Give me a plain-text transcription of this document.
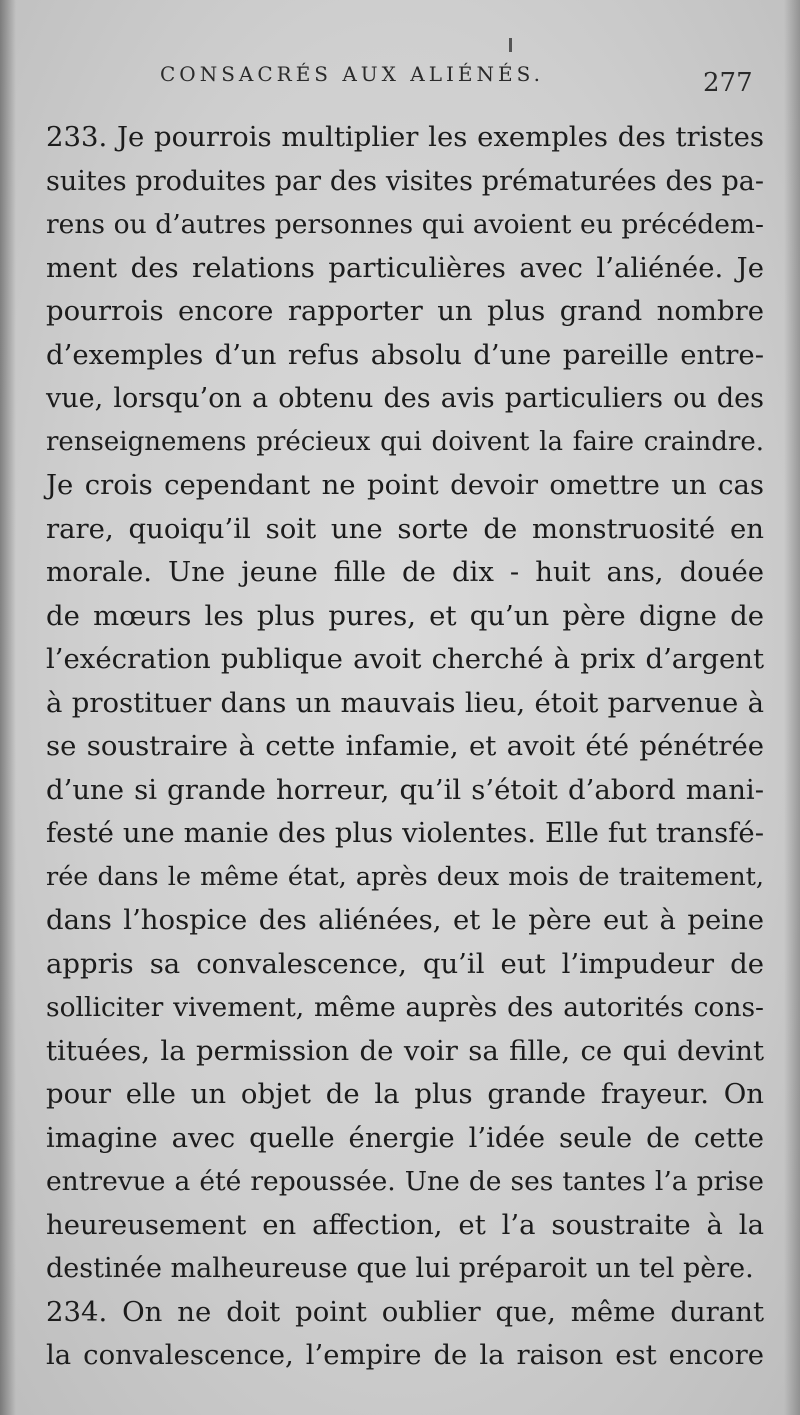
CONSACRÉS AUX ALIÉNÉS.	277
233. Je pourrois multiplier les exemples des tristes
suites produites par des visites prématurées des pa-
rens ou d’autres personnes qui avoient eu précédem-
ment des relations particulières avec l’aliénée. Je
pourrois encore rapporter un plus grand nombre
d’exemples d’un refus absolu d’une pareille entre-
vue, lorsqu’on a obtenu des avis particuliers ou des
renseignemens précieux qui doivent la faire craindre.
Je crois cependant ne point devoir omettre un cas
rare, quoiqu’il soit une sorte de monstruosité en
morale. Une jeune fille de dix - huit ans, douée
de mœurs les plus pures, et qu’un père digne de
l’exécration publique avoit cherché à prix d’argent
à prostituer dans un mauvais lieu, étoit parvenue à
se soustraire à cette infamie, et avoit été pénétrée
d’une si grande horreur, qu’il s’étoit d’abord mani-
festé une manie des plus violentes. Elle fut transfé-
rée dans le même état, après deux mois de traitement,
dans l’hospice des aliénées, et le père eut à peine
appris sa convalescence, qu’il eut l’impudeur de
solliciter vivement, même auprès des autorités cons-
tituées, la permission de voir sa fille, ce qui devint
pour elle un objet de la plus grande frayeur. On
imagine avec quelle énergie l’idée seule de cette
entrevue a été repoussée. Une de ses tantes l’a prise
heureusement en affection, et l’a soustraite à la
destinée malheureuse que lui préparoit un tel père.
234. On ne doit point oublier que, même durant
la convalescence, l’empire de la raison est encore
